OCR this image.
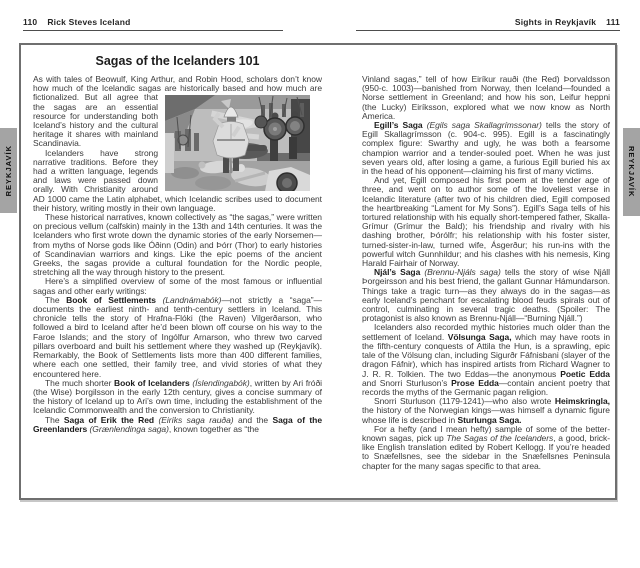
110 Rick Steves Iceland	Sights in Reykjavík 111
REYKJAVÍK	REYKJAVÍK
Sagas of the Icelanders 101

As with tales of Beowulf, King Arthur, and Robin Hood, scholars don’t know how much of the Icelandic sagas are historically based
and how much are fictionalized. But all agree that the sagas are an essential resource for understanding both Iceland’s history and the cultural heritage it shares with mainland Scandinavia.

Icelanders have strong narrative traditions. Before they had a written language, legends and laws were passed down orally. With Christianity around AD 1000 came the Latin alphabet, which Icelandic scribes used to document their history, writing mostly in their own language.

These historical narratives, known collectively as “the sagas,” were written on precious vellum (calfskin) mainly in the 13th and 14th centuries. It was the Icelanders who first wrote down the dynamic stories of the early Norsemen—from myths of Norse gods like Óðinn (Odin) and Þórr (Thor) to early histories of Scandinavian warriors and kings. Like the epic poems of the ancient Greeks, the sagas provide a cultural foundation for the Nordic people, stretching all the way through history to the present.

Here’s a simplified overview of some of the most famous or influential sagas and other early writings:

The Book of Settlements (Landnámabók)—not strictly a “saga”—documents the earliest ninth- and tenth-century settlers in Iceland. This chronicle tells the story of Hrafna-Flóki (the Raven) Vilgerðarson, who followed a bird to Iceland after he’d been blown off course on his way to the Faroe Islands; and the story of Ingólfur Arnarson, who threw two carved pillars overboard and built his settlement where they washed up (Reykjavík). Remarkably, the Book of Settlements lists more than 400 different families, where each one settled, their family tree, and vivid stories of what they encountered here.

The much shorter Book of Icelanders (Íslendingabók), written by Ari fróði (the Wise) Þorgilsson in the early 12th century, gives a concise summary of the history of Iceland up to Ari’s own time, including the establishment of the Icelandic Commonwealth and the conversion to Christianity.

The Saga of Erik the Red (Eiríks saga rauða) and the Saga of the Greenlanders (Grænlendinga saga), known together as “the

Vinland sagas,” tell of how Eiríkur rauði (the Red) Þorvaldsson (950-c. 1003)—banished from Norway, then Iceland—founded a Norse settlement in Greenland; and how his son, Leifur heppni (the Lucky) Eiríksson, explored what we now know as North America.

Egill’s Saga (Egils saga Skallagrímssonar) tells the story of Egill Skallagrímsson (c. 904-c. 995). Egill is a fascinatingly complex figure: Swarthy and ugly, he was both a fearsome champion warrior and a tender-souled poet. When he was just seven years old, after losing a game, a furious Egill buried his ax in the head of his opponent—claiming his first of many victims.

And yet, Egill composed his first poem at the tender age of three, and went on to author some of the loveliest verse in Icelandic literature (after two of his children died, Egill composed the heartbreaking “Lament for My Sons”). Egill’s Saga tells of his tortured relationship with his equally short-tempered father, Skalla-Grímur (Grímur the Bald); his friendship and rivalry with his dashing brother, Þórólfr; his relationship with his foster sister, turned-sister-in-law, turned wife, Ásgerður; his run-ins with the powerful witch Gunnhildur; and his clashes with his nemesis, King Harald Fairhair of Norway.

Njál’s Saga (Brennu-Njáls saga) tells the story of wise Njáll Þorgeirsson and his best friend, the gallant Gunnar Hámundarson. Things take a tragic turn—as they always do in the sagas—as early Iceland’s penchant for escalating blood feuds spirals out of control, culminating in several tragic deaths. (Spoiler: The protagonist is also known as Brennu-Njáll—“Burning Njáll.”)

Icelanders also recorded mythic histories much older than the settlement of Iceland. Völsunga Saga, which may have roots in the fifth-century conquests of Attila the Hun, is a sprawling, epic tale of the Völsung clan, including Sigurðr Fáfnisbani (slayer of the dragon Fáfnir), which has inspired artists from Richard Wagner to J. R. R. Tolkien. The two Eddas—the anonymous Poetic Edda and Snorri Sturluson’s Prose Edda—contain ancient poetry that records the myths of the Germanic pagan religion.

Snorri Sturluson (1179-1241)—who also wrote Heimskringla, the history of the Norwegian kings—was himself a dynamic figure whose life is described in Sturlunga Saga.

For a hefty (and I mean hefty) sample of some of the better-known sagas, pick up The Sagas of the Icelanders, a good, brick-like English translation edited by Robert Kellogg. If you’re headed to Snæfellsnes, see the sidebar in the Snæfellsnes Peninsula chapter for the many sagas specific to that area.
